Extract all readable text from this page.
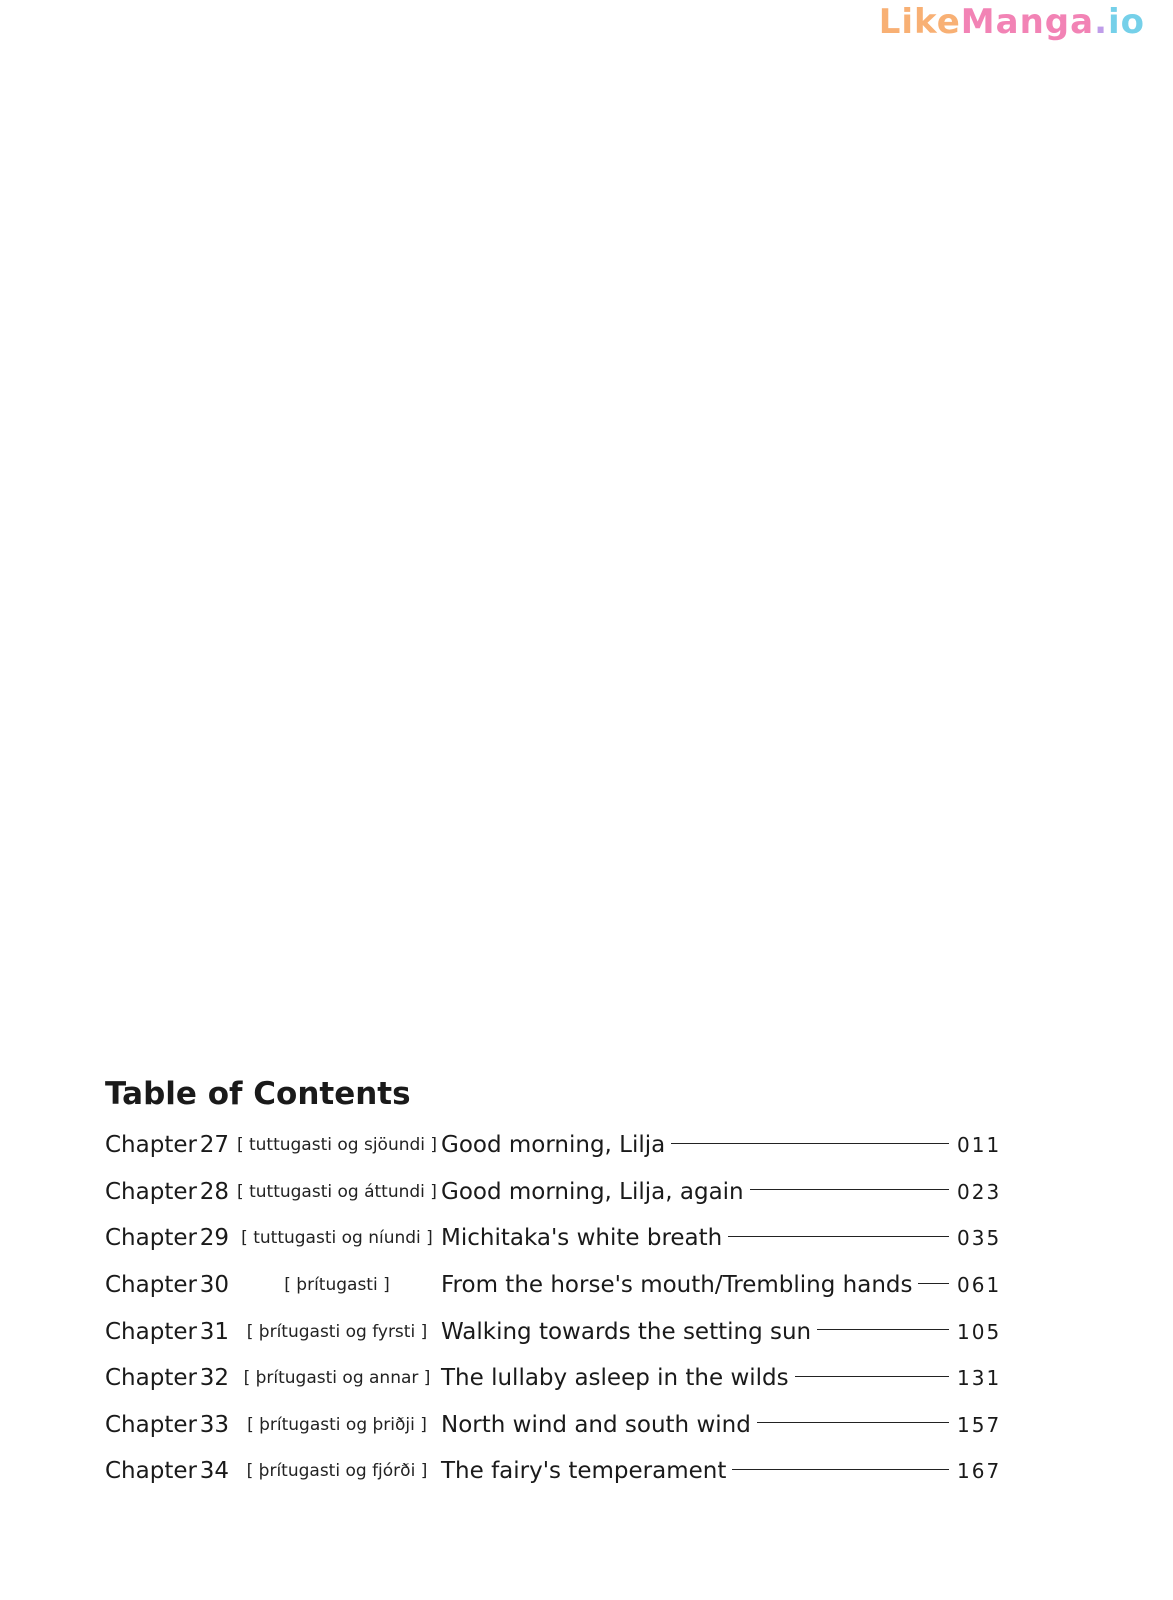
LikeManga.io
Table of Contents
Chapter 27 [ tuttugasti og sjöundi ] Good morning, Lilja	011
Chapter 28 [ tuttugasti og áttundi ] Good morning, Lilja, again	023
Chapter 29 [ tuttugasti og níundi ] Michitaka's white breath	035
Chapter 30	[ þrítugasti ]	From the horse's mouth/Trembling hands 061
Chapter 31	[ þrítugasti og fyrsti ] Walking towards the setting sun	105
Chapter 32 [ þrítugasti og annar ] The lullaby asleep in the wilds	131
Chapter 33	[ þrítugasti og þriðji ] North wind and south wind	157
Chapter 34	[ þrítugasti og fjórði ] The fairy's temperament	167
